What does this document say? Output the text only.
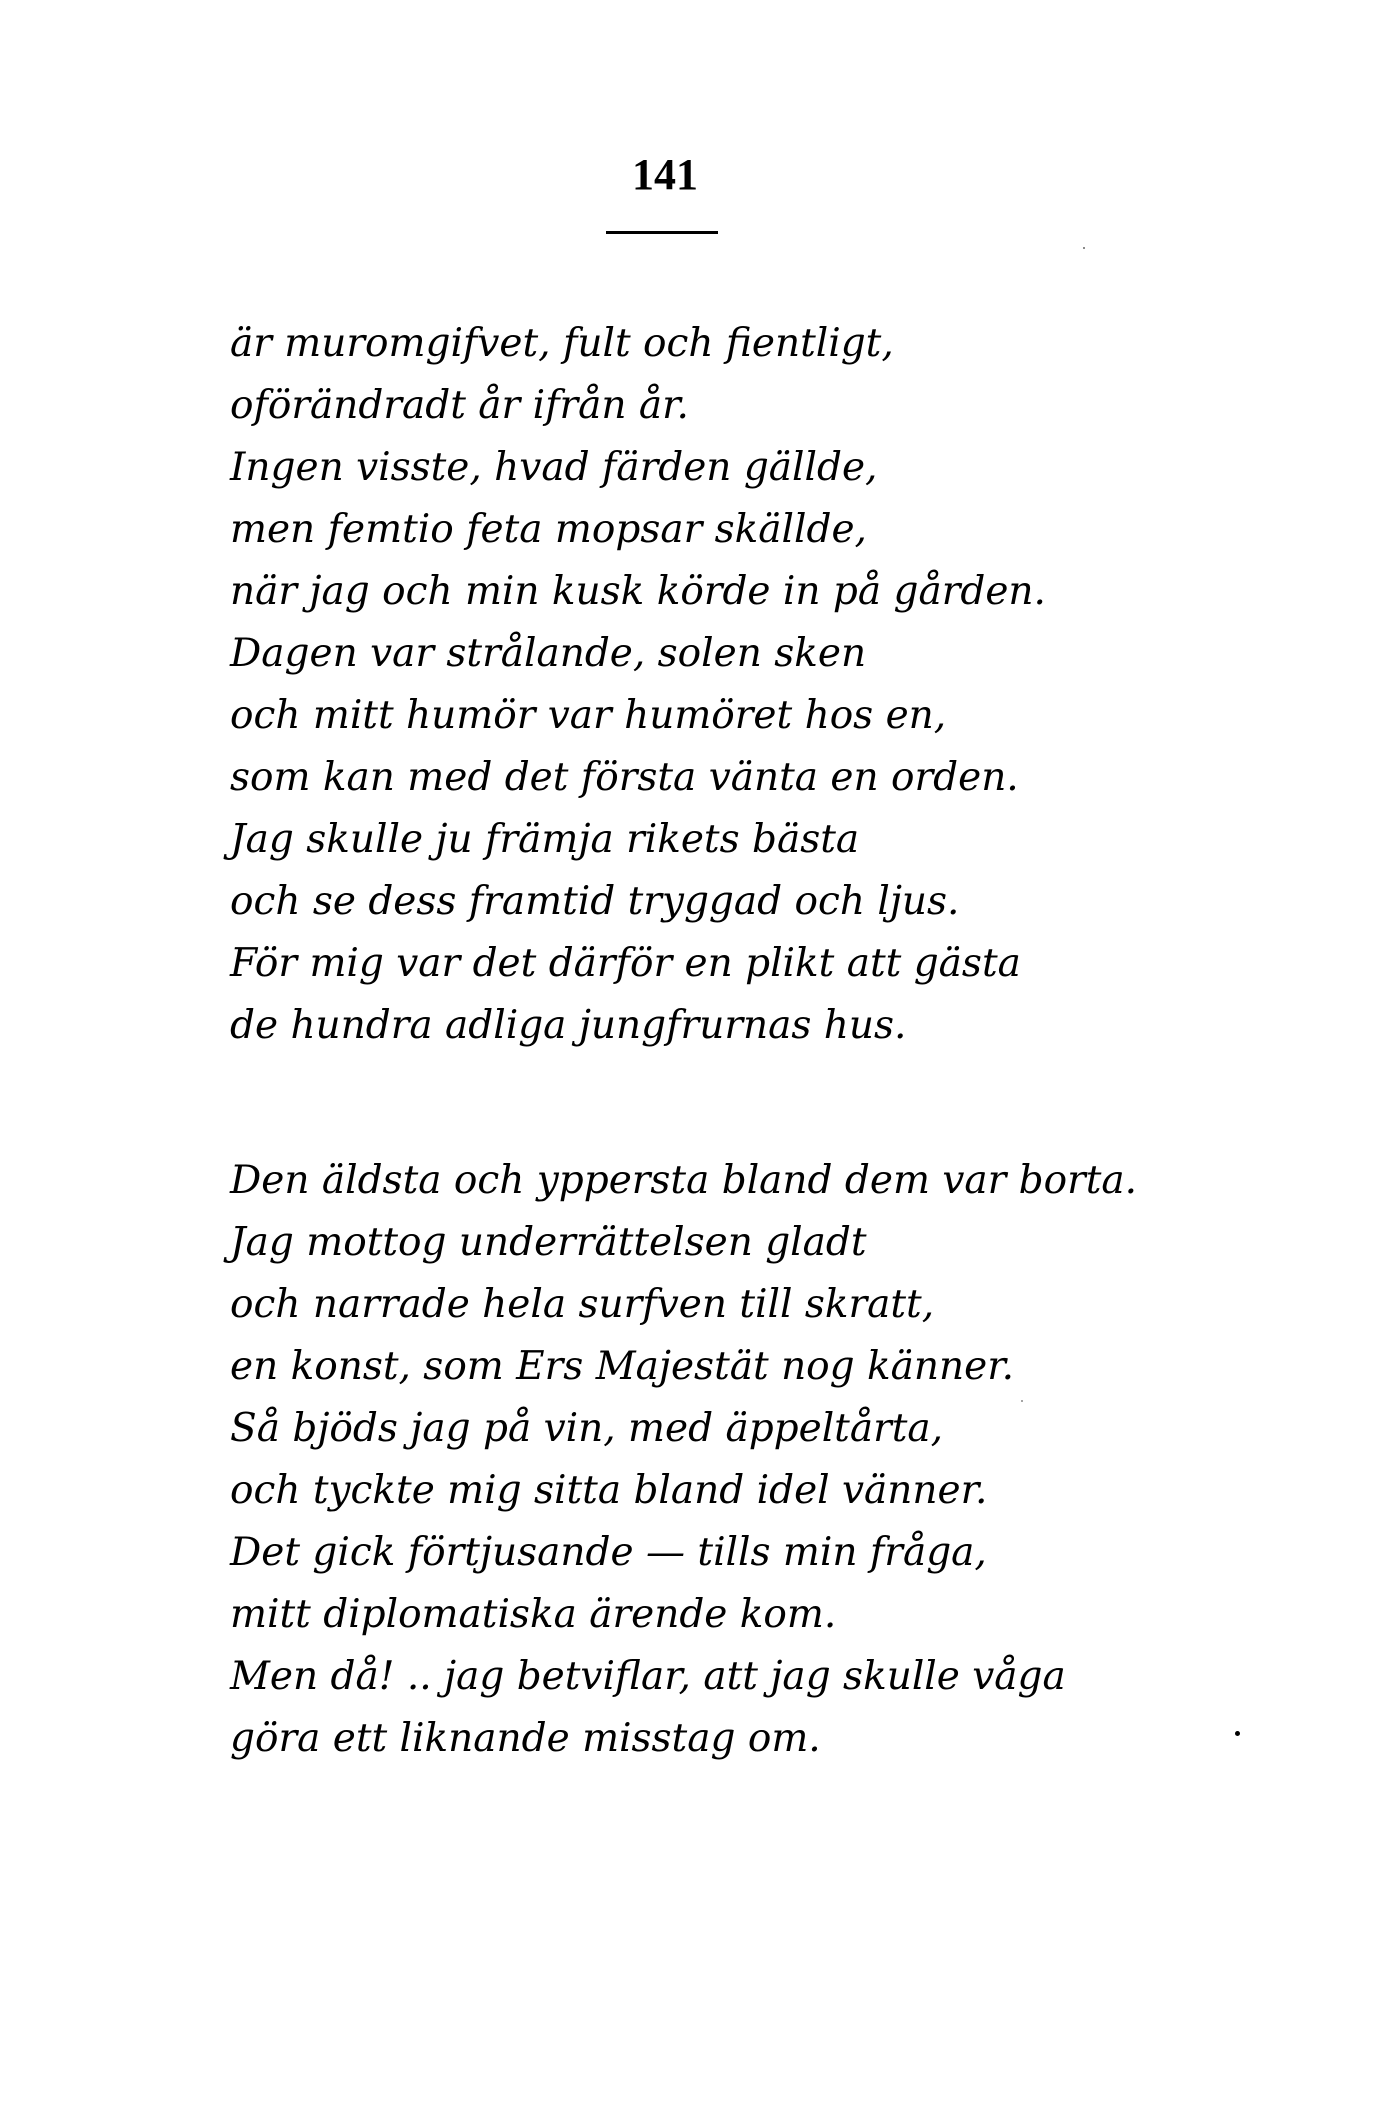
141
är muromgifvet, fult och fientligt,
oförändradt år ifrån år.
Ingen visste, hvad färden gällde,
men femtio feta mopsar skällde,
när jag och min kusk körde in på gården.
Dagen var strålande, solen sken
och mitt humör var humöret hos en,
som kan med det första vänta en orden.
Jag skulle ju främja rikets bästa
och se dess framtid tryggad och ljus.
För mig var det därför en plikt att gästa
de hundra adliga jungfrurnas hus.
Den äldsta och yppersta bland dem var borta.
Jag mottog underrättelsen gladt
och narrade hela surfven till skratt,
en konst, som Ers Majestät nog känner.
Så bjöds jag på vin, med äppeltårta,
och tyckte mig sitta bland idel vänner.
Det gick förtjusande — tills min fråga,
mitt diplomatiska ärende kom.
Men då! .. jag betviflar, att jag skulle våga
göra ett liknande misstag om.
